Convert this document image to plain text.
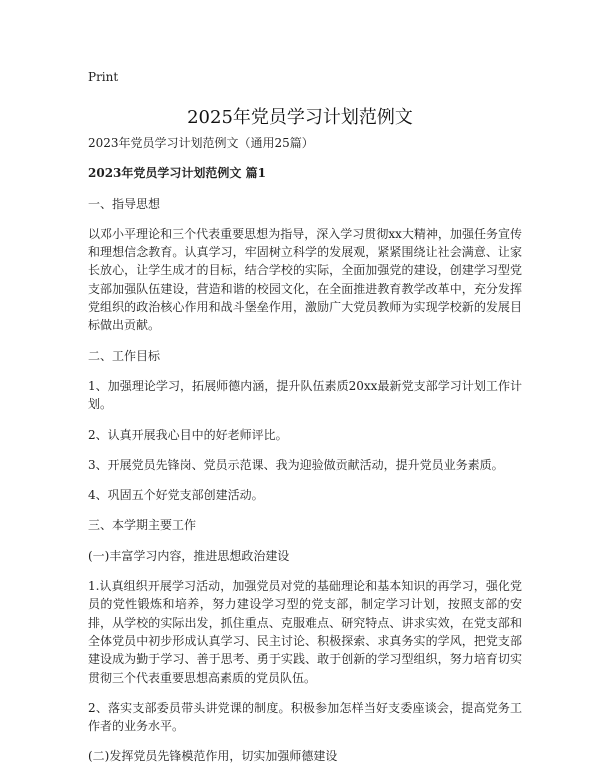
Print
2025年党员学习计划范例文

2023年党员学习计划范例文（通用25篇）

2023年党员学习计划范例文 篇1

一、指导思想

以邓小平理论和三个代表重要思想为指导，深入学习贯彻xx大精神，加强任务宣传和理想信念教育。认真学习，牢固树立科学的发展观，紧紧围绕让社会满意、让家长放心，让学生成才的目标，结合学校的实际，全面加强党的建设，创建学习型党支部加强队伍建设，营造和谐的校园文化，在全面推进教育教学改革中，充分发挥党组织的政治核心作用和战斗堡垒作用，激励广大党员教师为实现学校新的发展目标做出贡献。

二、工作目标

1、加强理论学习，拓展师德内涵，提升队伍素质20xx最新党支部学习计划工作计划。

2、认真开展我心目中的好老师评比。

3、开展党员先锋岗、党员示范课、我为迎验做贡献活动，提升党员业务素质。

4、巩固五个好党支部创建活动。

三、本学期主要工作

(一)丰富学习内容，推进思想政治建设

1.认真组织开展学习活动，加强党员对党的基础理论和基本知识的再学习，强化党员的党性锻炼和培养，努力建设学习型的党支部，制定学习计划，按照支部的安排，从学校的实际出发，抓住重点、克服难点、研究特点、讲求实效，在党支部和全体党员中初步形成认真学习、民主讨论、积极探索、求真务实的学风，把党支部建设成为勤于学习、善于思考、勇于实践、敢于创新的学习型组织，努力培育切实贯彻三个代表重要思想高素质的党员队伍。

2、落实支部委员带头讲党课的制度。积极参加怎样当好支委座谈会，提高党务工作者的业务水平。

(二)发挥党员先锋模范作用，切实加强师德建设
